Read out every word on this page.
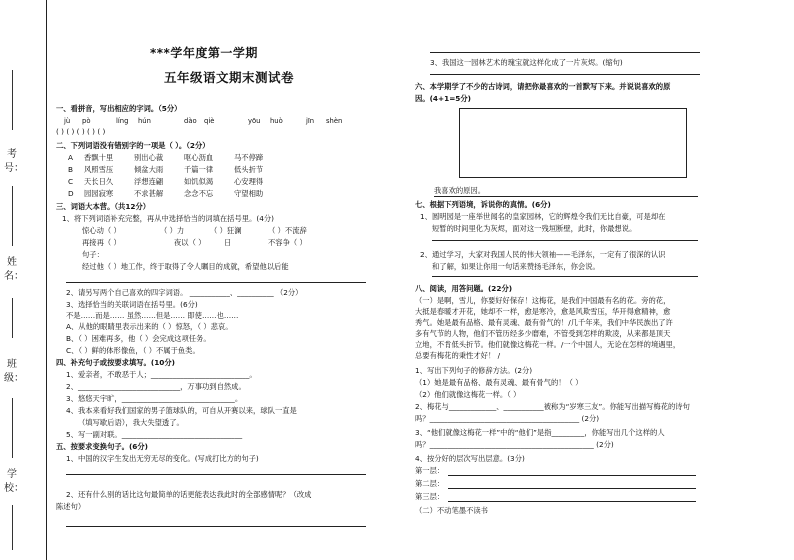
考号：
姓名：
班级：
学校：
***学年度第一学期
五年级语文期末测试卷
一、看拼音，写出相应的字词。（5分）
jù pò	líng hún	dào qiè	yōu huò	jīn shèn
( ) ( ) ( ) ( ) ( )
二、下列词语没有错别字的一项是（ ）。（2分）
A 香飘十里	别出心裁	呕心沥血	马不停蹄
B 风照雪压	倾盆大雨	千篇一律	低头折节
C 天长日久	浮想连翩	如饥似渴	心安理得
D 园园寂寒	不求甚解	念念不忘	守望相助
三、词语大本营。（共12分）
1、将下列词语补充完整，再从中选择恰当的词填在括号里。(4分)
惊心动（ ）	（ ）力	（ ）狂澜	（ ）不流辞
再接再（ ）	夜以（ ）	日	不容争（ ）
句子：
经过他（ ）地工作，终于取得了令人瞩目的成就，希望他以后能
2、请另写两个自己喜欢的四字词语。 ___________、__________ （2分）
3、选择恰当的关联词语在括号里。(6分)
不是……而是…… 虽然……但是…… 即使……也……
A、从他的眼睛里表示出来的（ ）惊怒，（ ）悲哀。
B、（ ）困难再多，他（ ）会完成这项任务。
C、（ ）鲜的体形像鱼，（ ）不属于鱼类。
四、补充句子或按要求填写。(10分)
1、爱亲者，不敢恶于人；___________________________。
2、____________________________，万事功到自然成。
3、悠悠天宇旷，_______________________________。
4、我本来看好我们国家的男子篮球队的，可自从开赛以来，球队一直是
（填写歇后语），我大失望透了。
5、写一副对联。_________________________________
五、按要求变换句子。(6分)
1、中国的汉字生发出无穷无尽的变化。(写成打比方的句子)
2、还有什么别的话比这句最简单的话更能表达我此时的全部感情呢？（改成
陈述句）
3、我国这一园林艺术的瑰宝就这样化成了一片灰烬。(缩句)
六、本学期学了不少的古诗词，请把你最喜欢的一首默写下来。并说说喜欢的原
因。(4+1=5分)
我喜欢的原因。
七、根据下列语境，诉说你的真情。(6分)
1、圆明园是一座举世闻名的皇家园林，它的辉煌令我们无比自豪，可是却在
短暂的时间里化为灰烬，面对这一残垣断壁，此时，你最想说。
2、通过学习，大家对我国人民的伟大领袖——毛泽东，一定有了很深的认识
和了解，如果让你用一句话来赞扬毛泽东，你会说。
八、阅读，用答问题。(22分)
（一）是啊，雪儿，你要好好保存！这梅花，是我们中国最有名的花。旁的花，
大抵是春暖才开花，她却不一样，愈是寒冷，愈是风欺雪压，华开得愈精神，愈
秀气。她是最有品格、最有灵魂、最有骨气的！/几千年来，我们中华民族出了许
多有气节的人物，他们不管历经多少磨难，不管受到怎样的欺凌，从来都是顶天
立地，不肯低头折节。他们就像这梅花一样。/一个中国人，无论在怎样的境遇里，
总要有梅花的秉性才好！ /
1、写出下列句子的修辞方法。(2分)
（1）她是最有品格、最有灵魂、最有骨气的！（ ）
（2）他们就像这梅花一样。（ ）
2、梅花与_____________、___________被称为“岁寒三友”。你能写出描写梅花的诗句
吗？_________________________________________ (2分)
3、“他们就像这梅花一样”中的“他们”是指_________，你能写出几个这样的人
吗？_____________________________________________ (2分)
4、按分好的层次写出层意。(3分)
第一层：
第二层：
第三层：
（二）不动笔墨不读书
